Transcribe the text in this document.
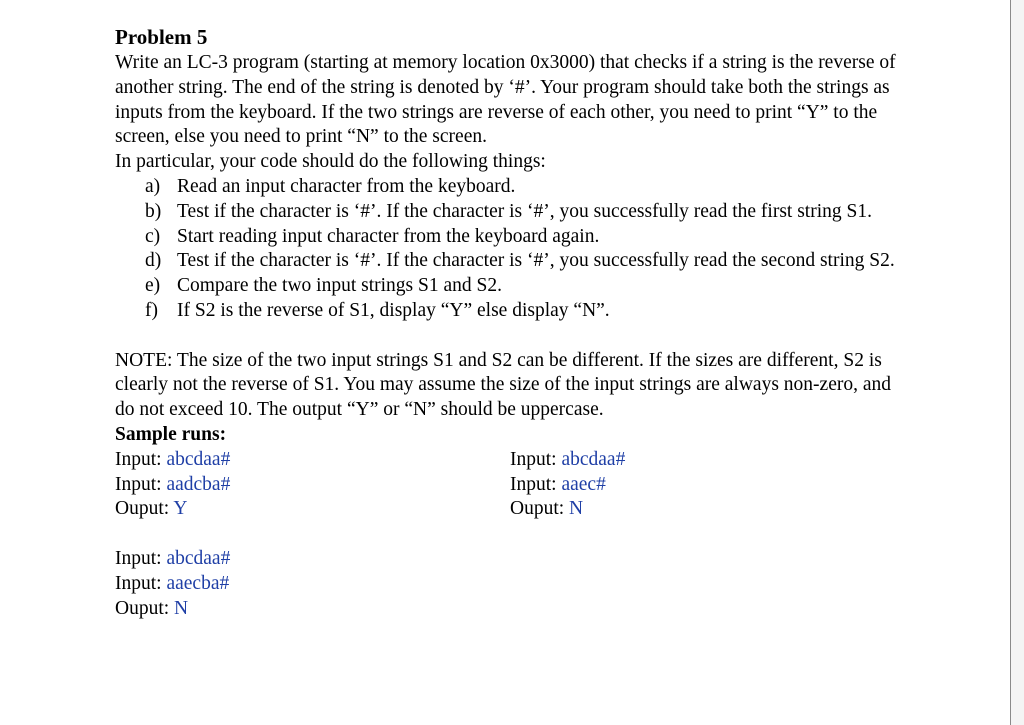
Problem 5

Write an LC-3 program (starting at memory location 0x3000) that checks if a string is the reverse of another string. The end of the string is denoted by ‘#’. Your program should take both the strings as inputs from the keyboard. If the two strings are reverse of each other, you need to print “Y” to the screen, else you need to print “N” to the screen.

In particular, your code should do the following things:

a) Read an input character from the keyboard.
b) Test if the character is ‘#’. If the character is ‘#’, you successfully read the first string S1.
c) Start reading input character from the keyboard again.
d) Test if the character is ‘#’. If the character is ‘#’, you successfully read the second string S2.
e) Compare the two input strings S1 and S2.
f) If S2 is the reverse of S1, display “Y” else display “N”.

NOTE: The size of the two input strings S1 and S2 can be different. If the sizes are different, S2 is clearly not the reverse of S1. You may assume the size of the input strings are always non-zero, and do not exceed 10. The output “Y” or “N” should be uppercase.

Sample runs:

Input: abcdaa#
Input: aadcba#
Ouput: Y
Input: abcdaa#
Input: aaec#
Ouput: N
Input: abcdaa#
Input: aaecba#
Ouput: N
